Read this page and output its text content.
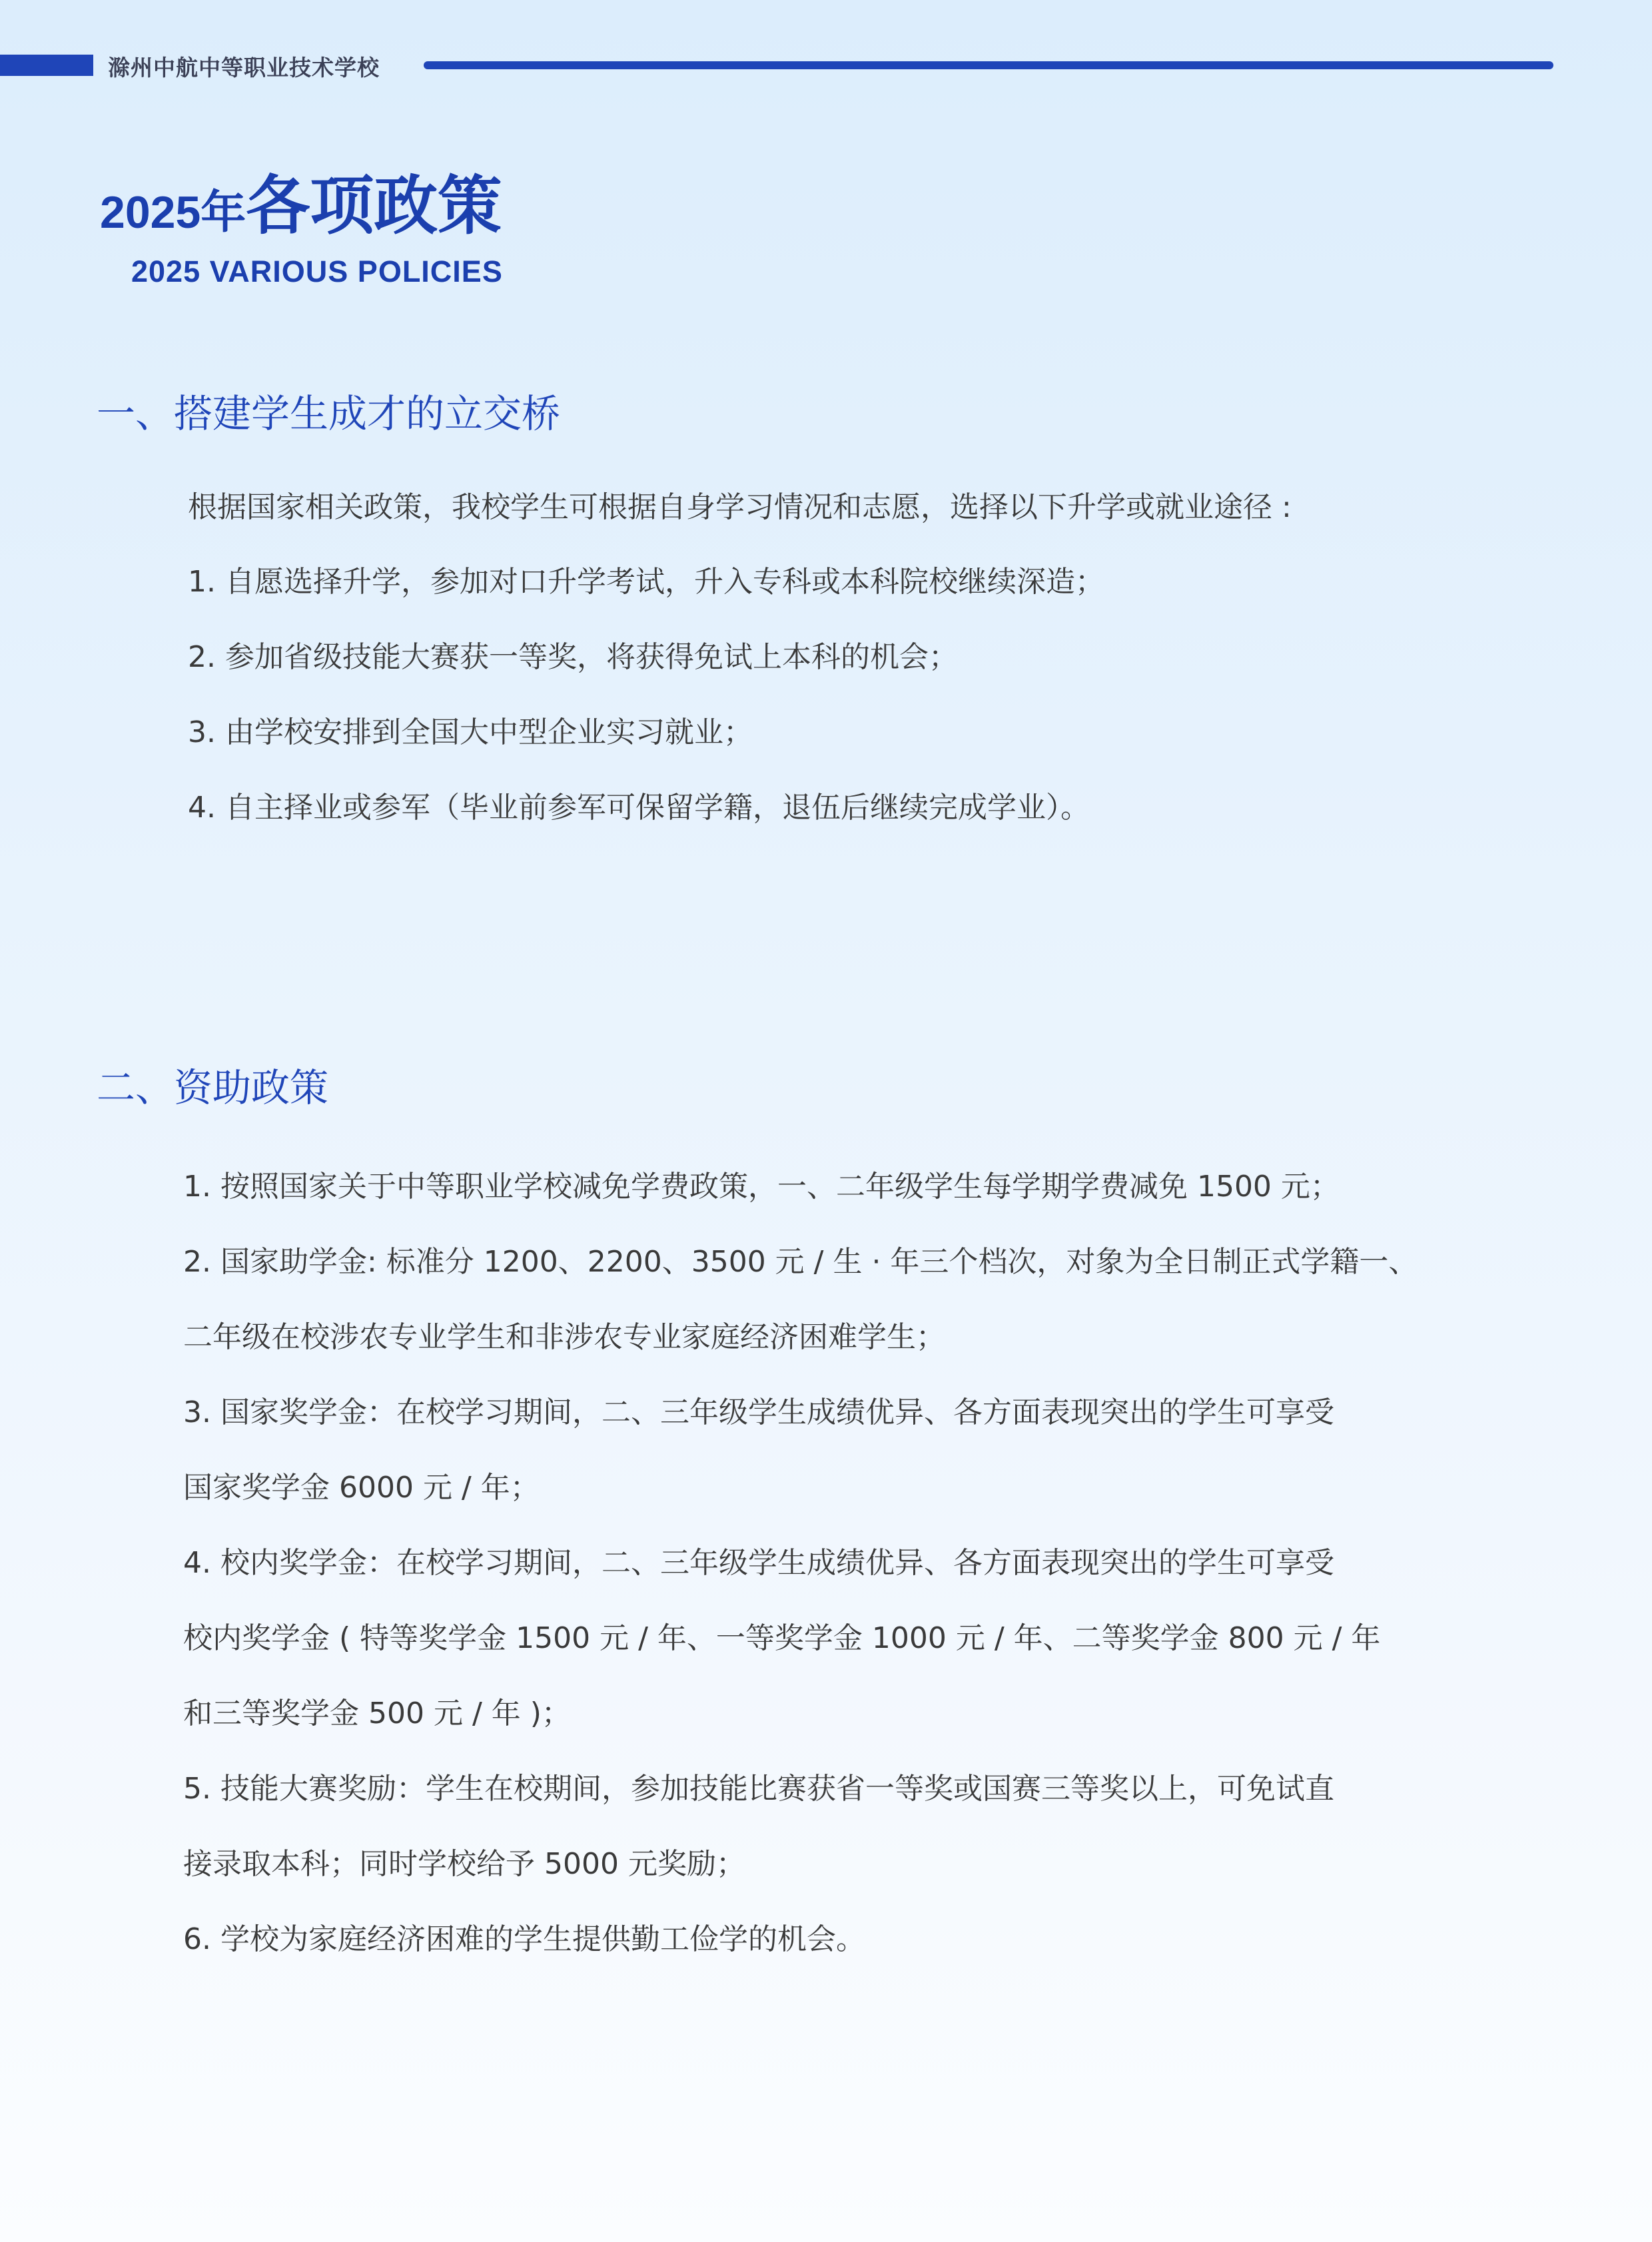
滁州中航中等职业技术学校
2025年各项政策
2025 VARIOUS POLICIES
一、搭建学生成才的立交桥
根据国家相关政策，我校学生可根据自身学习情况和志愿，选择以下升学或就业途径 :
1. 自愿选择升学，参加对口升学考试，升入专科或本科院校继续深造；
2. 参加省级技能大赛获一等奖，将获得免试上本科的机会；
3. 由学校安排到全国大中型企业实习就业；
4. 自主择业或参军（毕业前参军可保留学籍，退伍后继续完成学业）。
二、资助政策
1. 按照国家关于中等职业学校减免学费政策，一、二年级学生每学期学费减免 1500 元；
2. 国家助学金: 标准分 1200、2200、3500 元 / 生 · 年三个档次，对象为全日制正式学籍一、
二年级在校涉农专业学生和非涉农专业家庭经济困难学生；
3. 国家奖学金：在校学习期间，二、三年级学生成绩优异、各方面表现突出的学生可享受
国家奖学金 6000 元 / 年；
4. 校内奖学金：在校学习期间，二、三年级学生成绩优异、各方面表现突出的学生可享受
校内奖学金 ( 特等奖学金 1500 元 / 年、一等奖学金 1000 元 / 年、二等奖学金 800 元 / 年
和三等奖学金 500 元 / 年 )；
5. 技能大赛奖励：学生在校期间，参加技能比赛获省一等奖或国赛三等奖以上，可免试直
接录取本科；同时学校给予 5000 元奖励；
6. 学校为家庭经济困难的学生提供勤工俭学的机会。
